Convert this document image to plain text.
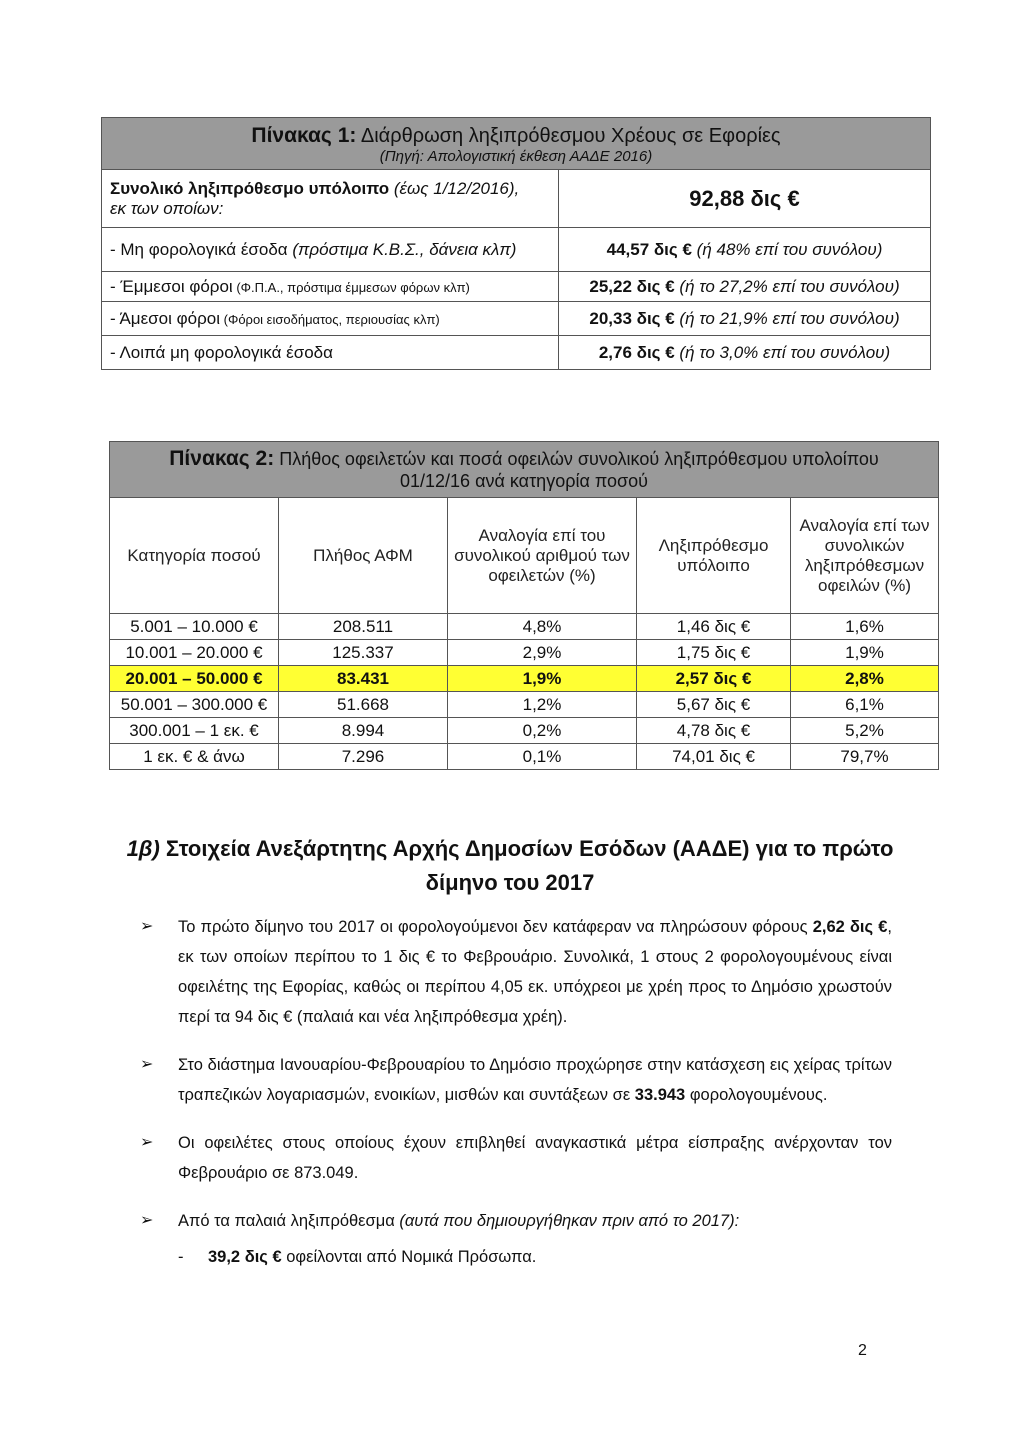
Πίνακας 1: Διάρθρωση ληξιπρόθεσμου Χρέους σε Εφορίες
(Πηγή: Απολογιστική έκθεση ΑΑΔΕ 2016)	

Συνολικό ληξιπρόθεσμο υπόλοιπο (έως 1/12/2016),
εκ των οποίων:	92,88 δις €
- Μη φορολογικά έσοδα (πρόστιμα Κ.Β.Σ., δάνεια κλπ)	44,57 δις € (ή 48% επί του συνόλου)
- Έμμεσοι φόροι (Φ.Π.Α., πρόστιμα έμμεσων φόρων κλπ)	25,22 δις € (ή το 27,2% επί του συνόλου)
- Άμεσοι φόροι (Φόροι εισοδήματος, περιουσίας κλπ)	20,33 δις € (ή το 21,9% επί του συνόλου)
- Λοιπά μη φορολογικά έσοδα	2,76 δις € (ή το 3,0% επί του συνόλου)
Πίνακας 2: Πλήθος οφειλετών και ποσά οφειλών συνολικού ληξιπρόθεσμου υπολοίπου
01/12/16 ανά κατηγορία ποσού				

Κατηγορία ποσού	Πλήθος ΑΦΜ	Αναλογία επί του συνολικού αριθμού των οφειλετών (%)	Ληξιπρόθεσμο υπόλοιπο	Αναλογία επί των συνολικών ληξιπρόθεσμων οφειλών (%)
5.001 – 10.000 €	208.511	4,8%	1,46 δις €	1,6%
10.001 – 20.000 €	125.337	2,9%	1,75 δις €	1,9%
20.001 – 50.000 €	83.431	1,9%	2,57 δις €	2,8%
50.001 – 300.000 €	51.668	1,2%	5,67 δις €	6,1%
300.001 – 1 εκ. €	8.994	0,2%	4,78 δις €	5,2%
1 εκ. € & άνω	7.296	0,1%	74,01 δις €	79,7%
1β) Στοιχεία Ανεξάρτητης Αρχής Δημοσίων Εσόδων (ΑΑΔΕ) για το πρώτο δίμηνο του 2017
➢ Το πρώτο δίμηνο του 2017 οι φορολογούμενοι δεν κατάφεραν να πληρώσουν φόρους 2,62 δις €, εκ των οποίων περίπου το 1 δις € το Φεβρουάριο. Συνολικά, 1 στους 2 φορολογουμένους είναι οφειλέτης της Εφορίας, καθώς οι περίπου 4,05 εκ. υπόχρεοι με χρέη προς το Δημόσιο χρωστούν περί τα 94 δις € (παλαιά και νέα ληξιπρόθεσμα χρέη).
➢ Στο διάστημα Ιανουαρίου-Φεβρουαρίου το Δημόσιο προχώρησε στην κατάσχεση εις χείρας τρίτων τραπεζικών λογαριασμών, ενοικίων, μισθών και συντάξεων σε 33.943 φορολογουμένους.
➢ Οι οφειλέτες στους οποίους έχουν επιβληθεί αναγκαστικά μέτρα είσπραξης ανέρχονταν τον Φεβρουάριο σε 873.049.
➢ Από τα παλαιά ληξιπρόθεσμα (αυτά που δημιουργήθηκαν πριν από το 2017):
- 39,2 δις € οφείλονται από Νομικά Πρόσωπα.
2
